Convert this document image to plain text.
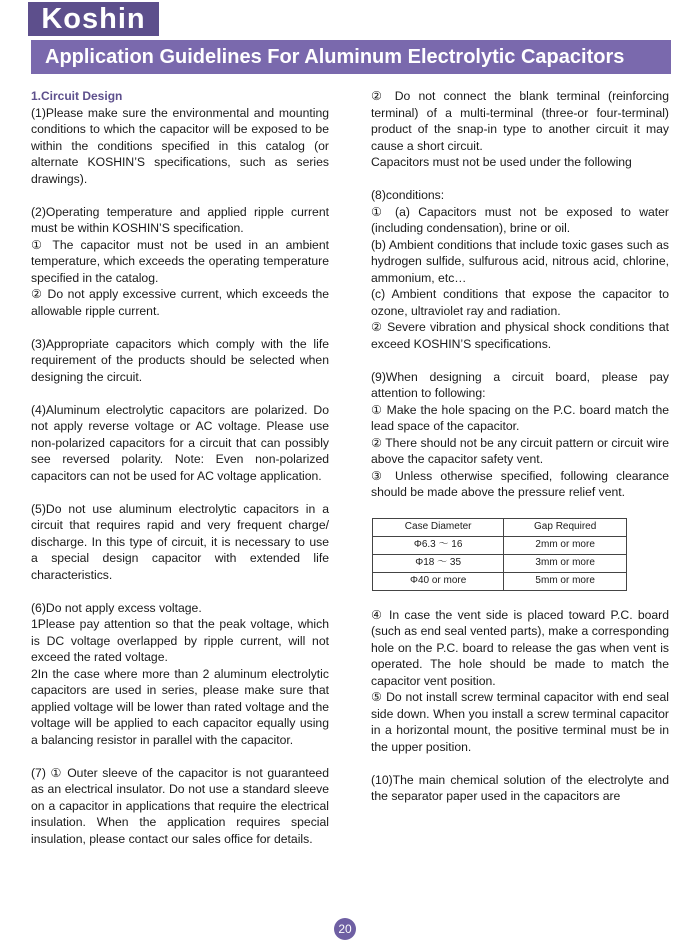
Koshin
Application Guidelines For Aluminum Electrolytic Capacitors
1.Circuit Design

(1)Please make sure the environmental and mounting conditions to which the capacitor will be exposed to be within the conditions specified in this catalog (or alternate KOSHIN’S specifications, such as series drawings).

(2)Operating temperature and applied ripple current must be within KOSHIN’S specification.
① The capacitor must not be used in an ambient temperature, which exceeds the operating temperature specified in the catalog.
② Do not apply excessive current, which exceeds the allowable ripple current.

(3)Appropriate capacitors which comply with the life requirement of the products should be selected when designing the circuit.

(4)Aluminum electrolytic capacitors are polarized. Do not apply reverse voltage or AC voltage. Please use non-polarized capacitors for a circuit that can possibly see reversed polarity. Note: Even non-polarized capacitors can not be used for AC voltage application.

(5)Do not use aluminum electrolytic capacitors in a circuit that requires rapid and very frequent charge/ discharge. In this type of circuit, it is necessary to use a special design capacitor with extended life characteristics.

(6)Do not apply excess voltage.
1Please pay attention so that the peak voltage, which is DC voltage overlapped by ripple current, will not exceed the rated voltage.
2In the case where more than 2 aluminum electrolytic capacitors are used in series, please make sure that applied voltage will be lower than rated voltage and the voltage will be applied to each capacitor equally using a balancing resistor in parallel with the capacitor.

(7) ① Outer sleeve of the capacitor is not guaranteed as an electrical insulator. Do not use a standard sleeve on a capacitor in applications that require the electrical insulation. When the application requires special insulation, please contact our sales office for details.

② Do not connect the blank terminal (reinforcing terminal) of a multi-terminal (three-or four-terminal) product of the snap-in type to another circuit it may cause a short circuit.
Capacitors must not be used under the following

(8)conditions:
① (a) Capacitors must not be exposed to water (including condensation), brine or oil.
(b) Ambient conditions that include toxic gases such as hydrogen sulfide, sulfurous acid, nitrous acid, chlorine, ammonium, etc…
(c) Ambient conditions that expose the capacitor to ozone, ultraviolet ray and radiation.
② Severe vibration and physical shock conditions that exceed KOSHIN’S specifications.

(9)When designing a circuit board, please pay attention to following:
① Make the hole spacing on the P.C. board match the lead space of the capacitor.
② There should not be any circuit pattern or circuit wire above the capacitor safety vent.
③ Unless otherwise specified, following clearance should be made above the pressure relief vent.

Case Diameter	Gap Required
Φ6.3 ～ 16	2mm or more
Φ18 ～ 35	3mm or more
Φ40 or more	5mm or more

④ In case the vent side is placed toward P.C. board (such as end seal vented parts), make a corresponding hole on the P.C. board to release the gas when vent is operated. The hole should be made to match the capacitor vent position.
⑤ Do not install screw terminal capacitor with end seal side down. When you install a screw terminal capacitor in a horizontal mount, the positive terminal must be in the upper position.

(10)The main chemical solution of the electrolyte and the separator paper used in the capacitors are

20
